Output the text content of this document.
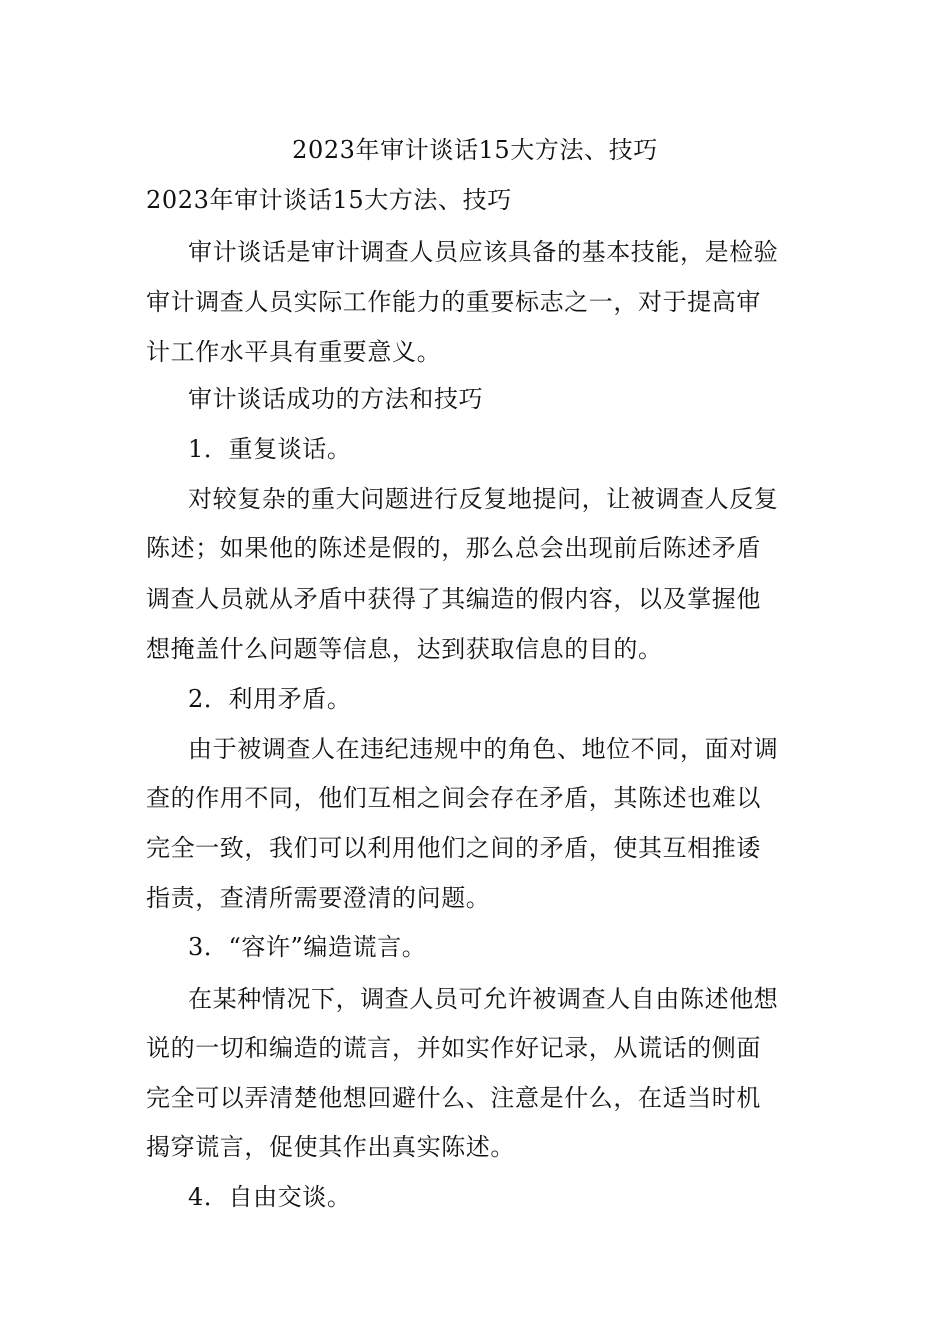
2023年审计谈话15大方法、技巧
2023年审计谈话15大方法、技巧
审计谈话是审计调查人员应该具备的基本技能，是检验
审计调查人员实际工作能力的重要标志之一，对于提高审
计工作水平具有重要意义。
审计谈话成功的方法和技巧
1．重复谈话。
对较复杂的重大问题进行反复地提问，让被调查人反复
陈述；如果他的陈述是假的，那么总会出现前后陈述矛盾
调查人员就从矛盾中获得了其编造的假内容，以及掌握他
想掩盖什么问题等信息，达到获取信息的目的。
2．利用矛盾。
由于被调查人在违纪违规中的角色、地位不同，面对调
查的作用不同，他们互相之间会存在矛盾，其陈述也难以
完全一致，我们可以利用他们之间的矛盾，使其互相推诿
指责，查清所需要澄清的问题。
3．“容许”编造谎言。
在某种情况下，调查人员可允许被调查人自由陈述他想
说的一切和编造的谎言，并如实作好记录，从谎话的侧面
完全可以弄清楚他想回避什么、注意是什么，在适当时机
揭穿谎言，促使其作出真实陈述。
4．自由交谈。
